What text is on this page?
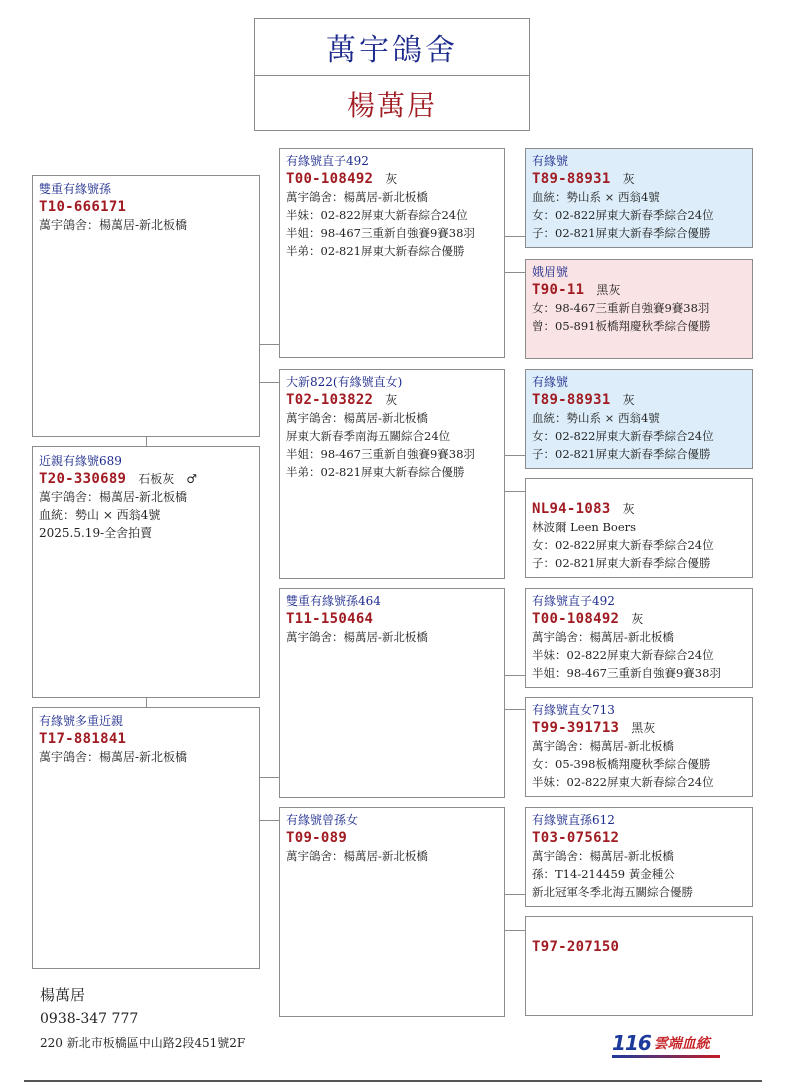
萬宇鴿舍
楊萬居
雙重有緣號孫
T10-666171
萬宇鴿舍：楊萬居-新北板橋
近親有緣號689
T20-330689 石板灰　♂
萬宇鴿舍：楊萬居-新北板橋
血統：勢山 × 西翁4號
2025.5.19-全舍拍賣
有緣號多重近親
T17-881841
萬宇鴿舍：楊萬居-新北板橋
有緣號直子492
T00-108492 灰
萬宇鴿舍：楊萬居-新北板橋
半妹：02-822屏東大新春綜合24位
半姐：98-467三重新自強賽9賽38羽
半弟：02-821屏東大新春綜合優勝
大新822(有緣號直女)
T02-103822 灰
萬宇鴿舍：楊萬居-新北板橋
屏東大新春季南海五關綜合24位
半姐：98-467三重新自強賽9賽38羽
半弟：02-821屏東大新春綜合優勝
雙重有緣號孫464
T11-150464
萬宇鴿舍：楊萬居-新北板橋
有緣號曾孫女
T09-089
萬宇鴿舍：楊萬居-新北板橋
有緣號
T89-88931 灰
血統：勢山系 × 西翁4號
女：02-822屏東大新春季綜合24位
子：02-821屏東大新春季綜合優勝
娥眉號
T90-11 黑灰
女：98-467三重新自強賽9賽38羽
曾：05-891板橋翔慶秋季綜合優勝
有緣號
T89-88931 灰
血統：勢山系 × 西翁4號
女：02-822屏東大新春季綜合24位
子：02-821屏東大新春季綜合優勝
NL94-1083 灰
林波爾 Leen Boers
女：02-822屏東大新春季綜合24位
子：02-821屏東大新春季綜合優勝
有緣號直子492
T00-108492 灰
萬宇鴿舍：楊萬居-新北板橋
半妹：02-822屏東大新春綜合24位
半姐：98-467三重新自強賽9賽38羽
有緣號直女713
T99-391713 黑灰
萬宇鴿舍：楊萬居-新北板橋
女：05-398板橋翔慶秋季綜合優勝
半妹：02-822屏東大新春綜合24位
有緣號直孫612
T03-075612
萬宇鴿舍：楊萬居-新北板橋
孫：T14-214459 黃金種公
新北冠軍冬季北海五關綜合優勝
T97-207150
楊萬居
0938-347 777
220 新北市板橋區中山路2段451號2F	116 雲端血統
